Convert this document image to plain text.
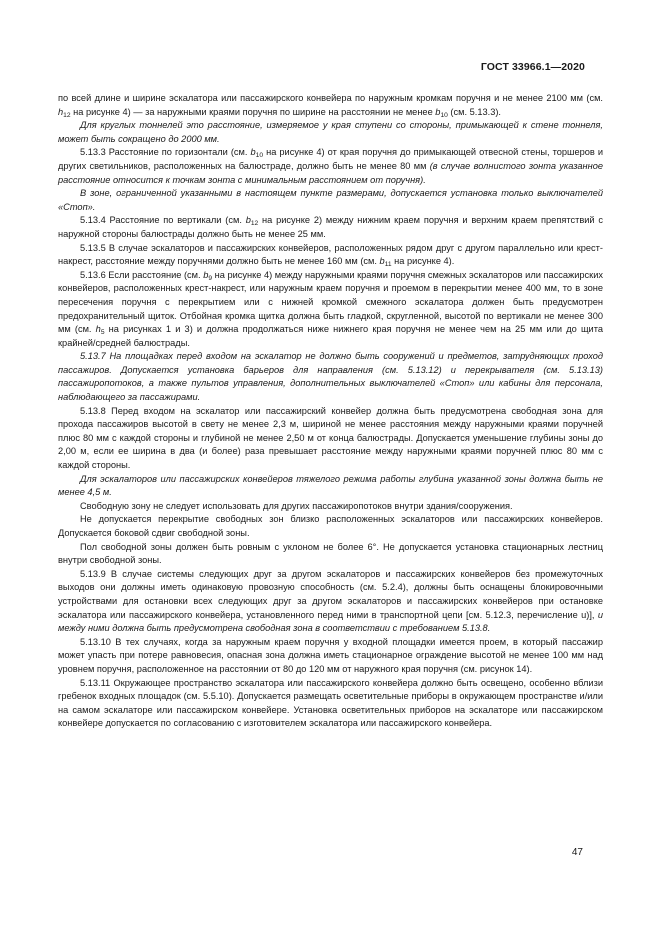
ГОСТ 33966.1—2020

по всей длине и ширине эскалатора или пассажирского конвейера по наружным кромкам поручня и не менее 2100 мм (см. $h_{12}$ на рисунке 4) — за наружными краями поручня по ширине на расстоянии не менее $b_{10}$ (см. 5.13.3).

Для круглых тоннелей это расстояние, измеряемое у края ступени со стороны, примыкающей к стене тоннеля, может быть сокращено до 2000 мм.

5.13.3 Расстояние по горизонтали (см. $b_{10}$ на рисунке 4) от края поручня до примыкающей отвесной стены, торшеров и других светильников, расположенных на балюстраде, должно быть не менее 80 мм (в случае волнистого зонта указанное расстояние относится к точкам зонта с минимальным расстоянием от поручня).

В зоне, ограниченной указанными в настоящем пункте размерами, допускается установка только выключателей «Стоп».

5.13.4 Расстояние по вертикали (см. $b_{12}$ на рисунке 2) между нижним краем поручня и верхним краем препятствий с наружной стороны балюстрады должно быть не менее 25 мм.

5.13.5 В случае эскалаторов и пассажирских конвейеров, расположенных рядом друг с другом параллельно или крест-накрест, расстояние между поручнями должно быть не менее 160 мм (см. $b_{11}$ на рисунке 4).

5.13.6 Если расстояние (см. $b_9$ на рисунке 4) между наружными краями поручня смежных эскалаторов или пассажирских конвейеров, расположенных крест-накрест, или наружным краем поручня и проемом в перекрытии менее 400 мм, то в зоне пересечения поручня с перекрытием или с нижней кромкой смежного эскалатора должен быть предусмотрен предохранительный щиток. Отбойная кромка щитка должна быть гладкой, скругленной, высотой по вертикали не менее 300 мм (см. $h_5$ на рисунках 1 и 3) и должна продолжаться ниже нижнего края поручня не менее чем на 25 мм или до щита крайней/средней балюстрады.

5.13.7 На площадках перед входом на эскалатор не должно быть сооружений и предметов, затрудняющих проход пассажиров. Допускается установка барьеров для направления (см. 5.13.12) и перекрывателя (см. 5.13.13) пассажиропотоков, а также пультов управления, дополнительных выключателей «Стоп» или кабины для персонала, наблюдающего за пассажирами.

5.13.8 Перед входом на эскалатор или пассажирский конвейер должна быть предусмотрена свободная зона для прохода пассажиров высотой в свету не менее 2,3 м, шириной не менее расстояния между наружными краями поручней плюс 80 мм с каждой стороны и глубиной не менее 2,50 м от конца балюстрады. Допускается уменьшение глубины зоны до 2,00 м, если ее ширина в два (и более) раза превышает расстояние между наружными краями поручней плюс 80 мм с каждой стороны.

Для эскалаторов или пассажирских конвейеров тяжелого режима работы глубина указанной зоны должна быть не менее 4,5 м.

Свободную зону не следует использовать для других пассажиропотоков внутри здания/сооружения.

Не допускается перекрытие свободных зон близко расположенных эскалаторов или пассажирских конвейеров. Допускается боковой сдвиг свободной зоны.

Пол свободной зоны должен быть ровным с уклоном не более 6°. Не допускается установка стационарных лестниц внутри свободной зоны.

5.13.9 В случае системы следующих друг за другом эскалаторов и пассажирских конвейеров без промежуточных выходов они должны иметь одинаковую провозную способность (см. 5.2.4), должны быть оснащены блокировочными устройствами для остановки всех следующих друг за другом эскалаторов и пассажирских конвейеров при остановке эскалатора или пассажирского конвейера, установленного перед ними в транспортной цепи [см. 5.12.3, перечисление u)], и между ними должна быть предусмотрена свободная зона в соответствии с требованием 5.13.8.

5.13.10 В тех случаях, когда за наружным краем поручня у входной площадки имеется проем, в который пассажир может упасть при потере равновесия, опасная зона должна иметь стационарное ограждение высотой не менее 100 мм над уровнем поручня, расположенное на расстоянии от 80 до 120 мм от наружного края поручня (см. рисунок 14).

5.13.11 Окружающее пространство эскалатора или пассажирского конвейера должно быть освещено, особенно вблизи гребенок входных площадок (см. 5.5.10). Допускается размещать осветительные приборы в окружающем пространстве и/или на самом эскалаторе или пассажирском конвейере. Установка осветительных приборов на эскалаторе или пассажирском конвейере допускается по согласованию с изготовителем эскалатора или пассажирского конвейера.

47
